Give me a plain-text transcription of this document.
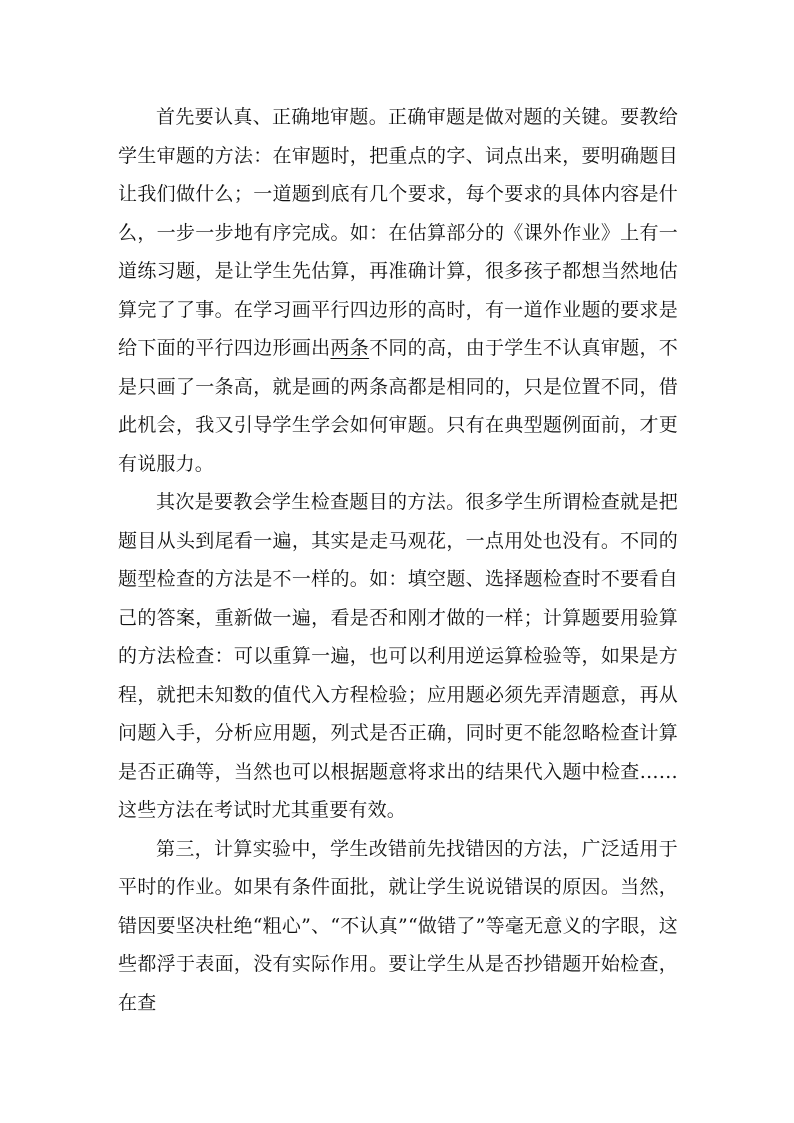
首先要认真、正确地审题。正确审题是做对题的关键。要教给学生审题的方法：在审题时，把重点的字、词点出来，要明确题目让我们做什么；一道题到底有几个要求，每个要求的具体内容是什么，一步一步地有序完成。如：在估算部分的《课外作业》上有一道练习题，是让学生先估算，再准确计算，很多孩子都想当然地估算完了了事。在学习画平行四边形的高时，有一道作业题的要求是给下面的平行四边形画出两条不同的高，由于学生不认真审题，不是只画了一条高，就是画的两条高都是相同的，只是位置不同，借此机会，我又引导学生学会如何审题。只有在典型题例面前，才更有说服力。

其次是要教会学生检查题目的方法。很多学生所谓检查就是把题目从头到尾看一遍，其实是走马观花，一点用处也没有。不同的题型检查的方法是不一样的。如：填空题、选择题检查时不要看自己的答案，重新做一遍，看是否和刚才做的一样；计算题要用验算的方法检查：可以重算一遍，也可以利用逆运算检验等，如果是方程，就把未知数的值代入方程检验；应用题必须先弄清题意，再从问题入手，分析应用题，列式是否正确，同时更不能忽略检查计算是否正确等，当然也可以根据题意将求出的结果代入题中检查……这些方法在考试时尤其重要有效。

第三，计算实验中，学生改错前先找错因的方法，广泛适用于平时的作业。如果有条件面批，就让学生说说错误的原因。当然，错因要坚决杜绝“粗心”、“不认真”“做错了”等毫无意义的字眼，这些都浮于表面，没有实际作用。要让学生从是否抄错题开始检查，在查
